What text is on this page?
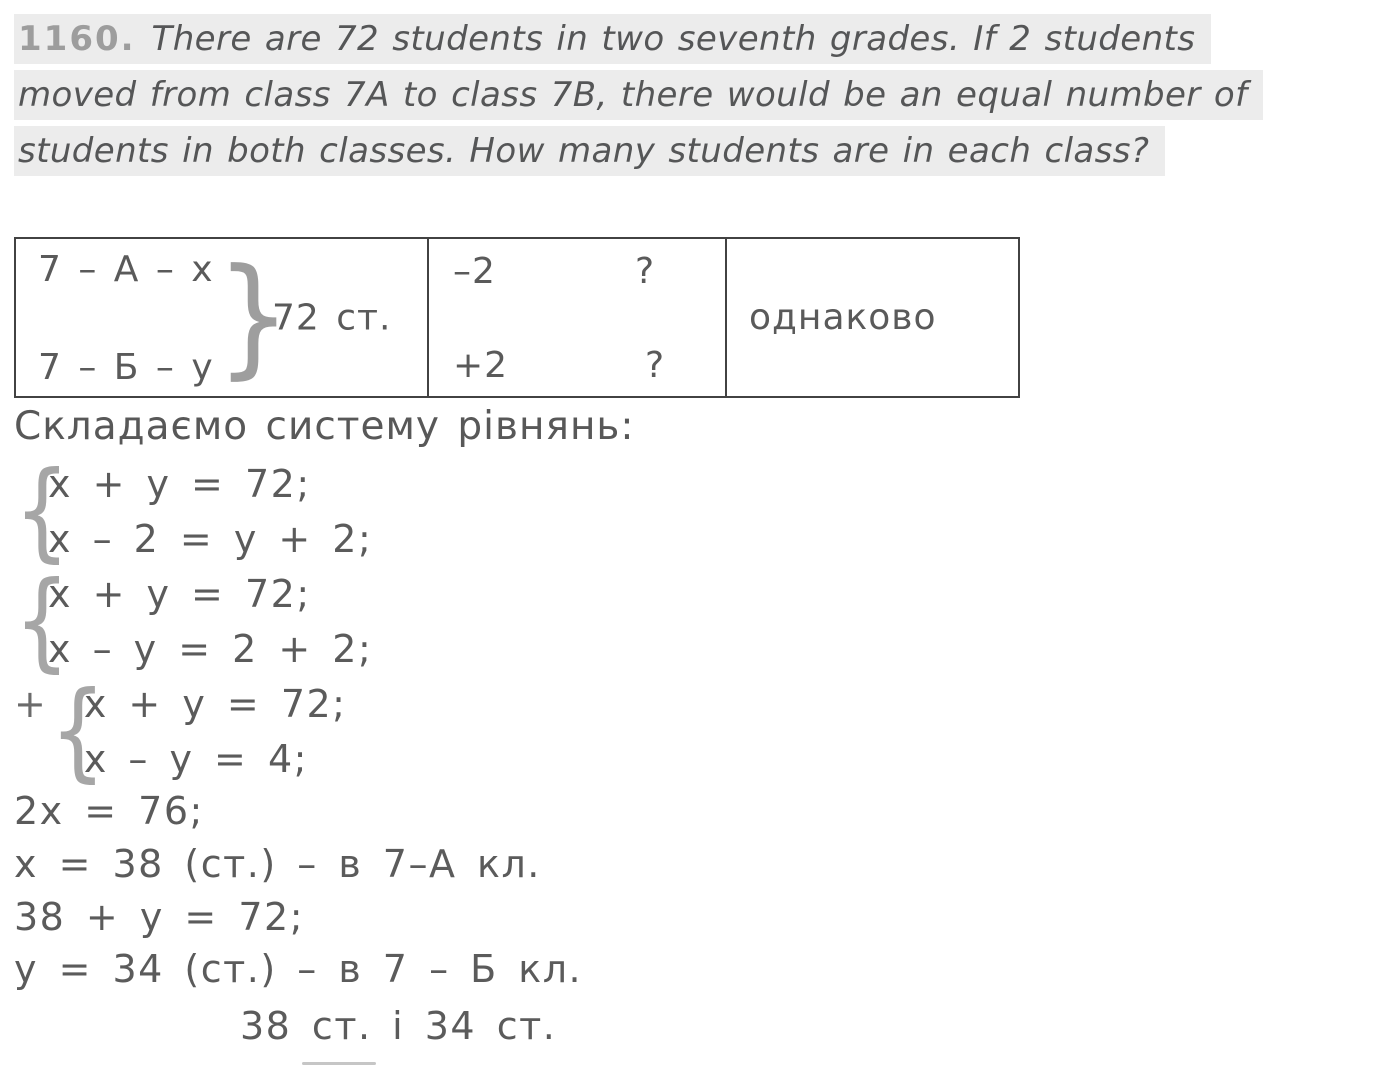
1160. There are 72 students in two seventh grades. If 2 students
moved from class 7A to class 7B, there would be an equal number of
students in both classes. How many students are in each class?
7 – А – x
7 – Б – y }
72 ст.
–2	?
+2	?
однаково
Складаємо систему рівнянь:
{
x + y = 72;
x – 2 = y + 2;
{
x + y = 72;
x – y = 2 + 2;
+ {
x + y = 72;
x – y = 4;
2x = 76;
x = 38 (ст.) – в 7–А кл.
38 + y = 72;
y = 34 (ст.) – в 7 – Б кл.
38 ст. і 34 ст.
